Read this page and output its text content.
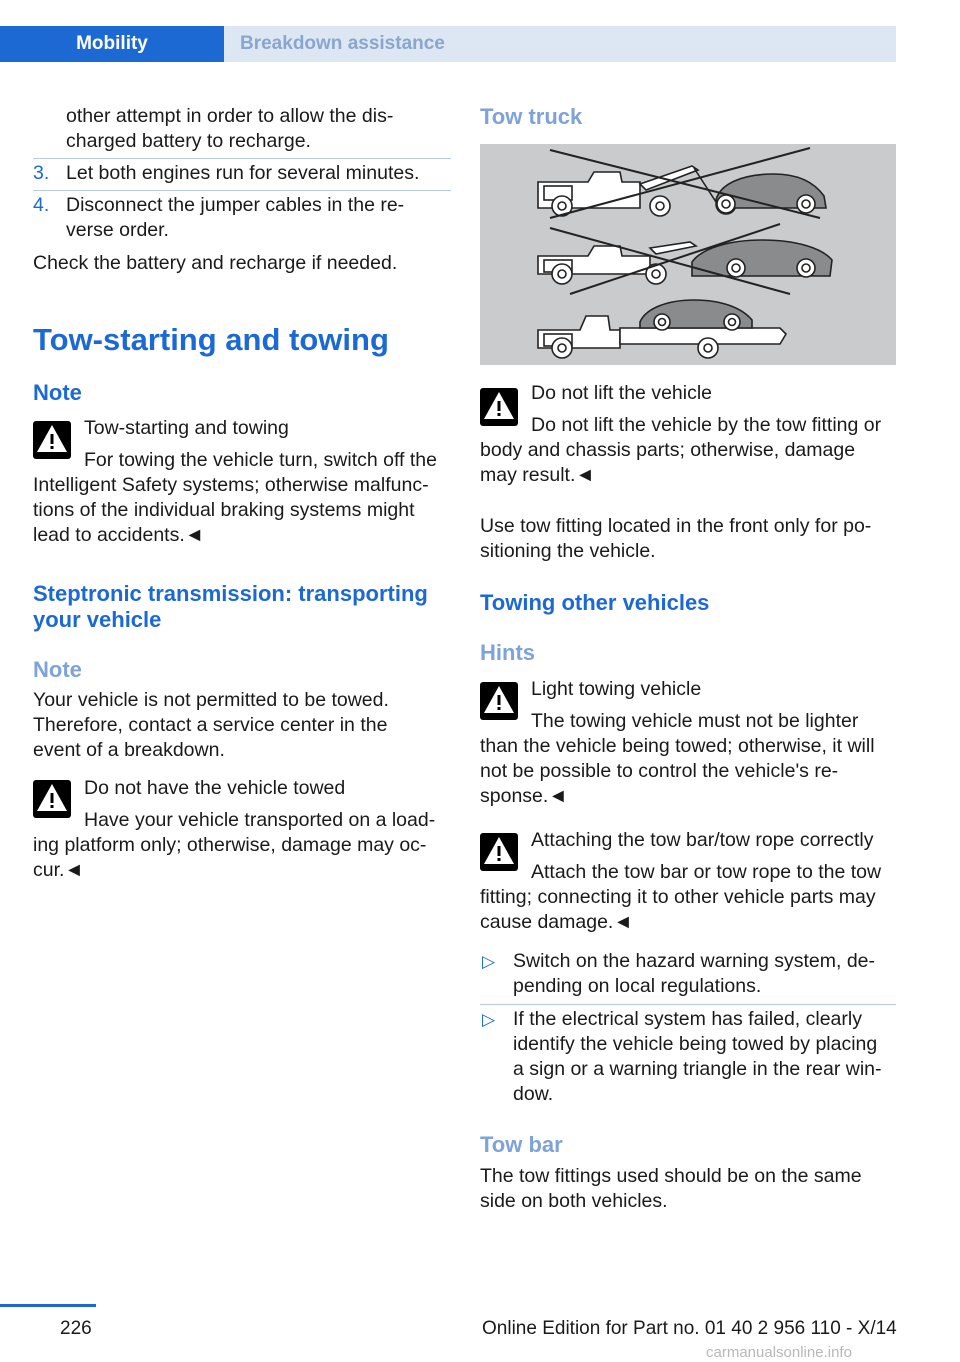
Mobility	Breakdown assistance
other attempt in order to allow the dis‐
charged battery to recharge.
3. Let both engines run for several minutes.
4. Disconnect the jumper cables in the re‐
verse order.
Check the battery and recharge if needed.
Tow-starting and towing
Note
Tow-starting and towing
For towing the vehicle turn, switch off the
Intelligent Safety systems; otherwise malfunc‐
tions of the individual braking systems might
lead to accidents.◄
Steptronic transmission: transporting
your vehicle
Note
Your vehicle is not permitted to be towed.
Therefore, contact a service center in the
event of a breakdown.
Do not have the vehicle towed
Have your vehicle transported on a load‐
ing platform only; otherwise, damage may oc‐
cur.◄
Tow truck
Do not lift the vehicle
Do not lift the vehicle by the tow fitting or
body and chassis parts; otherwise, damage
may result.◄
Use tow fitting located in the front only for po‐
sitioning the vehicle.
Towing other vehicles
Hints
Light towing vehicle
The towing vehicle must not be lighter
than the vehicle being towed; otherwise, it will
not be possible to control the vehicle's re‐
sponse.◄
Attaching the tow bar/tow rope correctly
Attach the tow bar or tow rope to the tow
fitting; connecting it to other vehicle parts may
cause damage.◄
▷ Switch on the hazard warning system, de‐
pending on local regulations.
▷ If the electrical system has failed, clearly
identify the vehicle being towed by placing
a sign or a warning triangle in the rear win‐
dow.
Tow bar
The tow fittings used should be on the same
side on both vehicles.
226	Online Edition for Part no. 01 40 2 956 110 - X/14
carmanualsonline.info
